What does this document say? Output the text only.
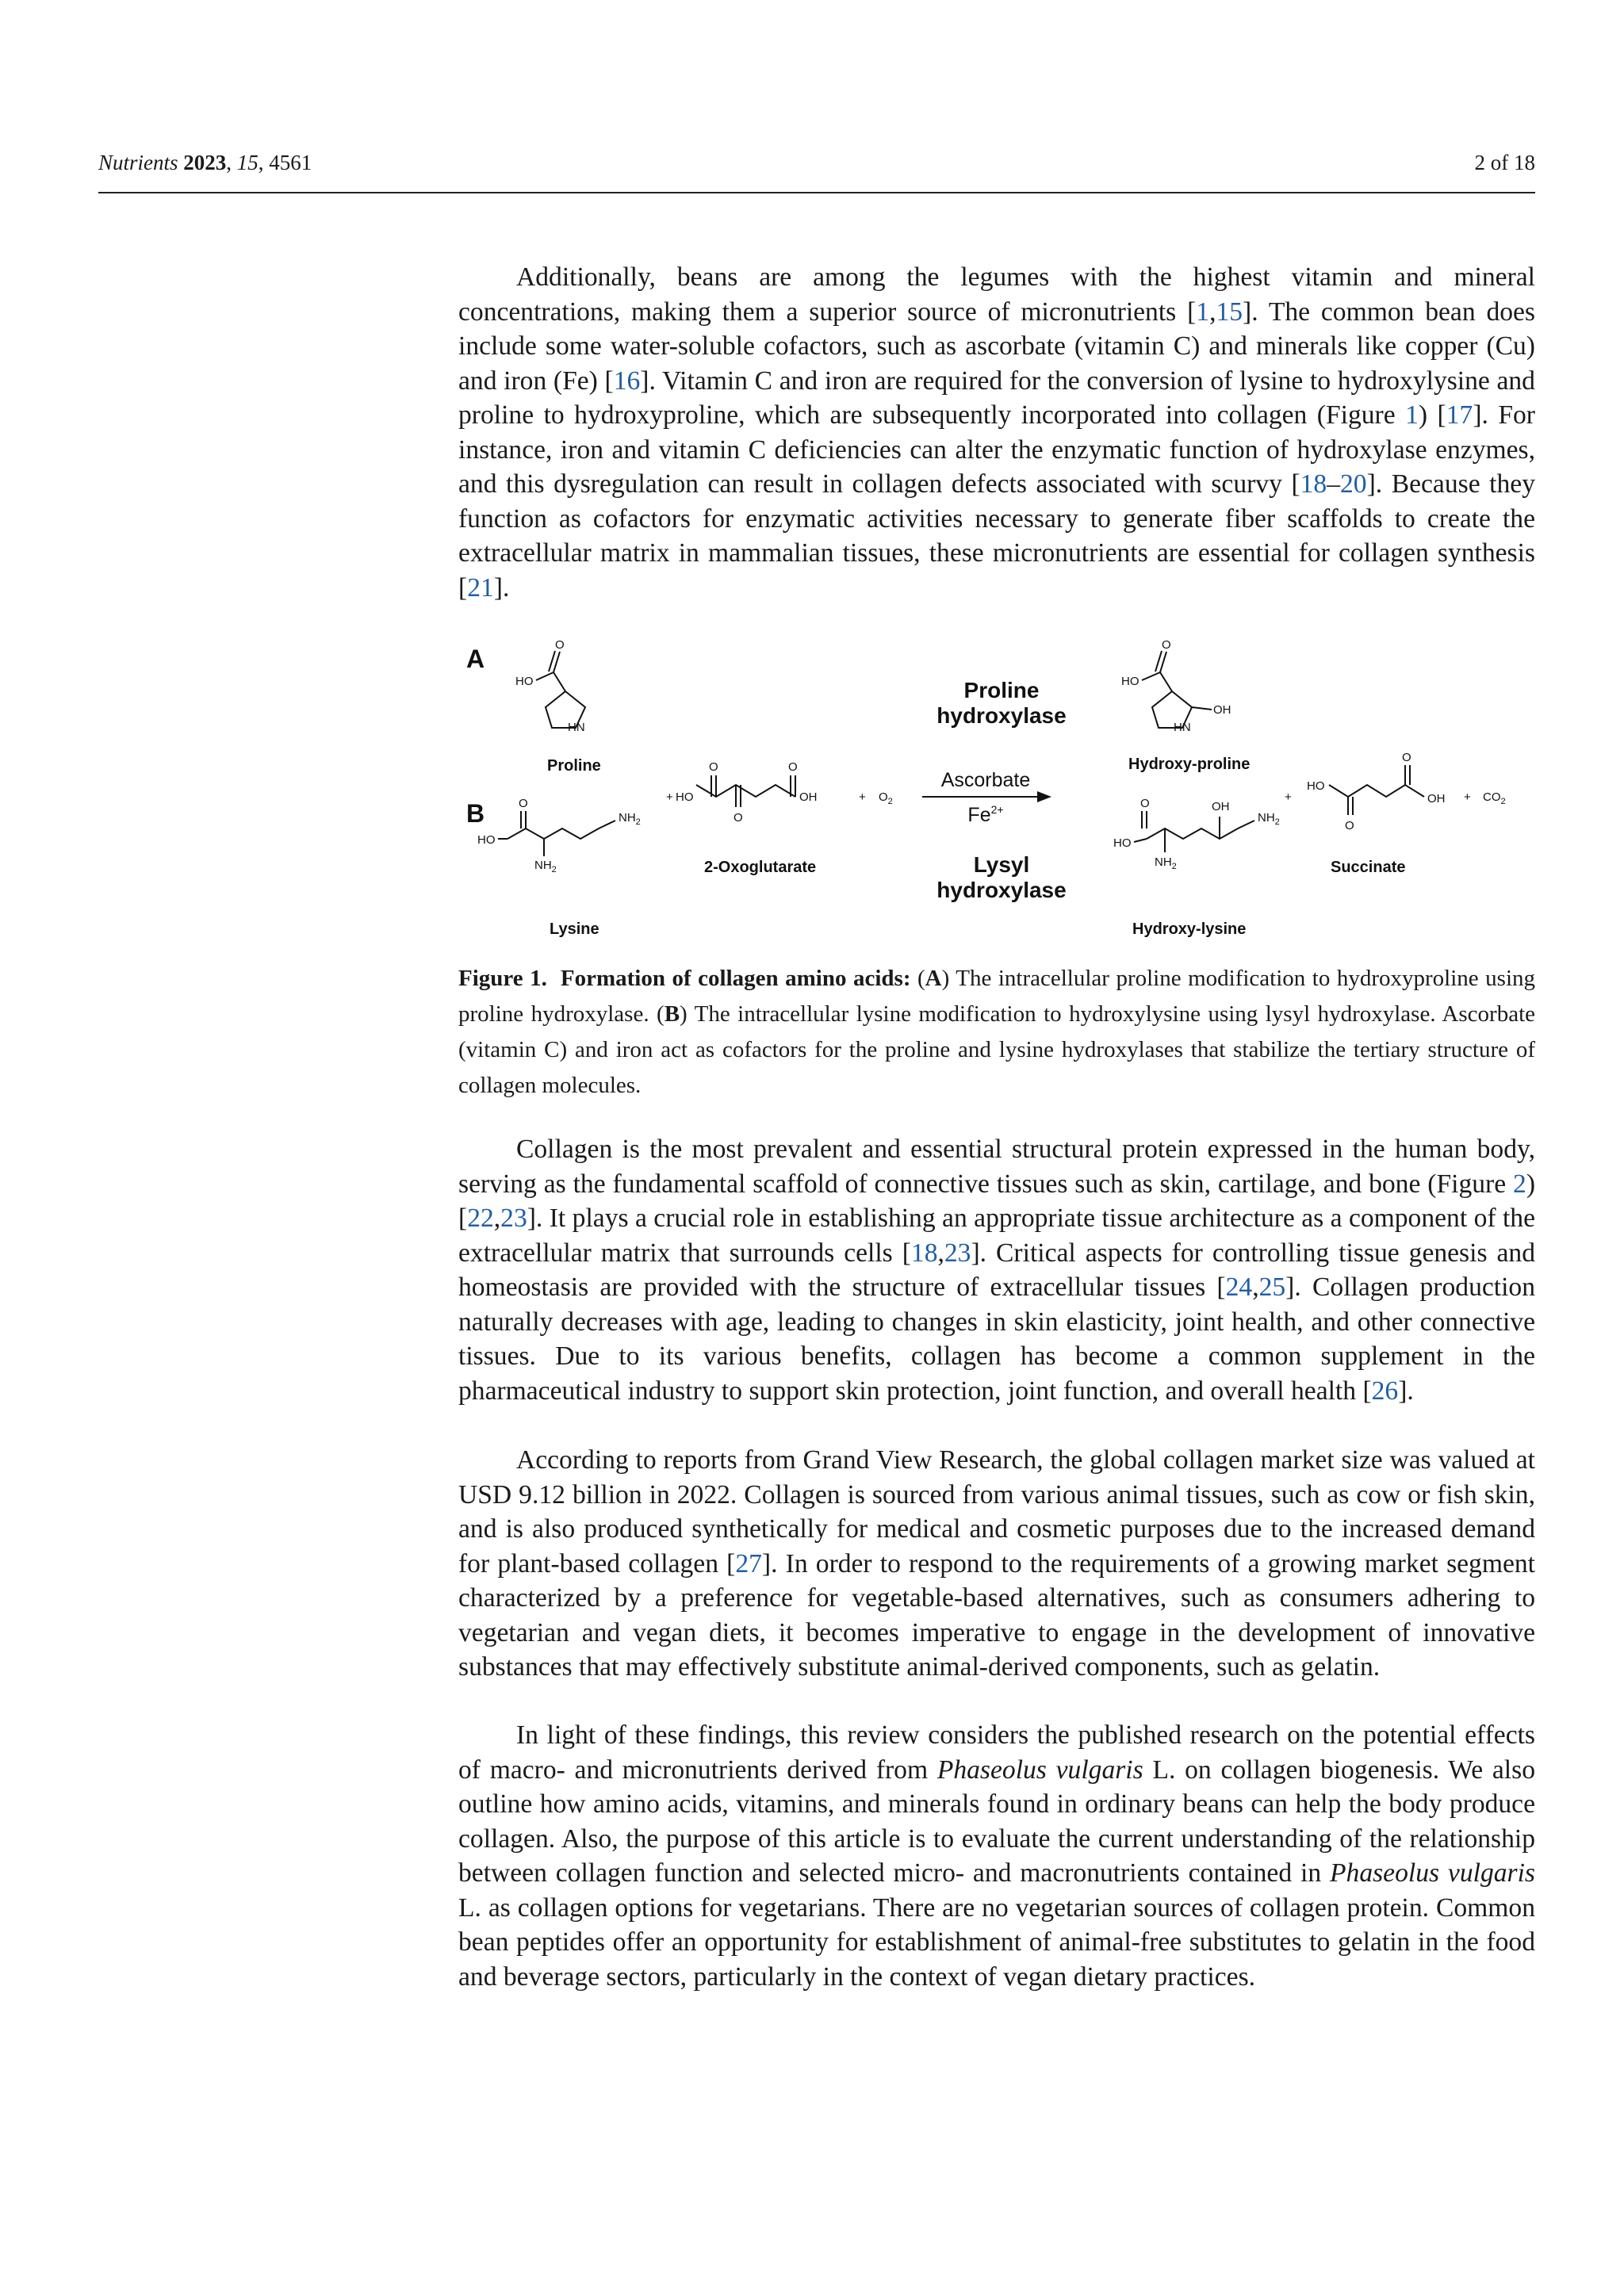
Nutrients 2023, 15, 4561	2 of 18

Additionally, beans are among the legumes with the highest vitamin and mineral concentrations, making them a superior source of micronutrients [1,15]. The common bean does include some water-soluble cofactors, such as ascorbate (vitamin C) and minerals like copper (Cu) and iron (Fe) [16]. Vitamin C and iron are required for the conversion of lysine to hydroxylysine and proline to hydroxyproline, which are subsequently incorporated into collagen (Figure 1) [17]. For instance, iron and vitamin C deficiencies can alter the enzymatic function of hydroxylase enzymes, and this dysregulation can result in collagen defects associated with scurvy [18–20]. Because they function as cofactors for enzymatic activities necessary to generate fiber scaffolds to create the extracellular matrix in mammalian tissues, these micronutrients are essential for collagen synthesis [21].

A
B
O
HO
HN
Proline
O
HO
HN
OH
Hydroxy-proline
Proline
hydroxylase
Ascorbate
$Fe^{2+}$
Lysyl
hydroxylase
+	+	+	+
$O_2$
HO
O
O
O
OH
2-Oxoglutarate
O
HO
$NH_2$
$NH_2$
Lysine
O
HO
$NH_2$
OH
$NH_2$
Hydroxy-lysine
HO
O
O
OH
Succinate
$CO_2$

Figure 1. Formation of collagen amino acids: (A) The intracellular proline modification to hydroxyproline using proline hydroxylase. (B) The intracellular lysine modification to hydroxylysine using lysyl hydroxylase. Ascorbate (vitamin C) and iron act as cofactors for the proline and lysine hydroxylases that stabilize the tertiary structure of collagen molecules.

Collagen is the most prevalent and essential structural protein expressed in the human body, serving as the fundamental scaffold of connective tissues such as skin, cartilage, and bone (Figure 2) [22,23]. It plays a crucial role in establishing an appropriate tissue architecture as a component of the extracellular matrix that surrounds cells [18,23]. Critical aspects for controlling tissue genesis and homeostasis are provided with the structure of extracellular tissues [24,25]. Collagen production naturally decreases with age, leading to changes in skin elasticity, joint health, and other connective tissues. Due to its various benefits, collagen has become a common supplement in the pharmaceutical industry to support skin protection, joint function, and overall health [26].

According to reports from Grand View Research, the global collagen market size was valued at USD 9.12 billion in 2022. Collagen is sourced from various animal tissues, such as cow or fish skin, and is also produced synthetically for medical and cosmetic purposes due to the increased demand for plant-based collagen [27]. In order to respond to the requirements of a growing market segment characterized by a preference for vegetable-based alternatives, such as consumers adhering to vegetarian and vegan diets, it becomes imperative to engage in the development of innovative substances that may effectively substitute animal-derived components, such as gelatin.

In light of these findings, this review considers the published research on the potential effects of macro- and micronutrients derived from Phaseolus vulgaris L. on collagen biogenesis. We also outline how amino acids, vitamins, and minerals found in ordinary beans can help the body produce collagen. Also, the purpose of this article is to evaluate the current understanding of the relationship between collagen function and selected micro- and macronutrients contained in Phaseolus vulgaris L. as collagen options for vegetarians. There are no vegetarian sources of collagen protein. Common bean peptides offer an opportunity for establishment of animal-free substitutes to gelatin in the food and beverage sectors, particularly in the context of vegan dietary practices.
